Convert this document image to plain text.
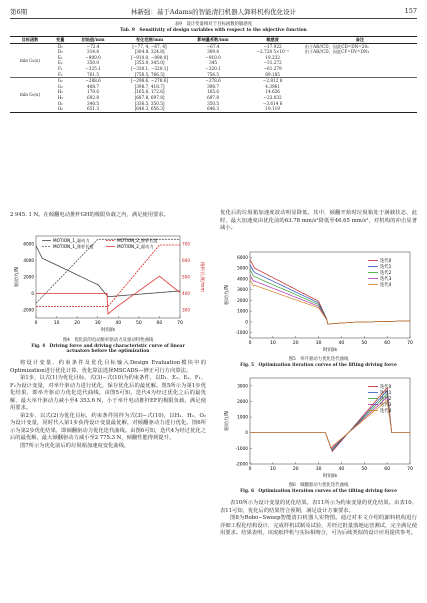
第6期	林新强：基于Adams的智能清扫机器人卸料机构优化设计	157
表9　设计变量相对于目标函数的敏感度
Tab. 9　Sensitivity of design variables with respect to the objective function
目标函数	变量	初始值/mm	变化范围/mm	影响量系数/mm	敏感度	备注
min G₁(x)	D₁	−72.4	[−77, 4, −67, 4]	−67.4	−17.922	由于AB//CD，因此CD=DN=20₁
	D₂	314.8	[304.8, 324.8]	309.8	−2.728 5×10⁻³	由于AB//CD，因此CF=DV=DN₁
	E₁	−900.0	[−910.0, −890.0]	−910.0	19.232	
	E₂	350.0	[355.0, 345.0]	345	−31.272	
	F₁	−325.1	[−330.1, −320.1]	−320.1	−61.279	
	F₂	761.5	[756.5, 766.5]	756.5	89.185	
min G₂(x)	G₁	−288.6	[−298.6, −278.6]	−278.6	−2.812 8	
	G₂	408.7	[398.7, 418.7]	398.7	4.3961	
	H₁	170.6	[165.6, 172.6]	165.6	14.626	
	H₂	692.8	[687.8, 697.8]	697.8	−23.032	
	O₁	340.5	[336.5, 350.5]	350.5	−3.614 6	
	O₂	651.3	[646.3, 656.3]	646.3	19.119	

2 945. 1 N。在倾翻电动推杆GH的极限负载之内，满足使用要求。

0	10	20	30	40	50	60	70
-2000
0
2000
4000
6000
300
400
500
600
700
驱动力/N	推杆长度/mm
时间/s
MOTION_1_驱动力	MOTION_2_推杆长度
MOTION_1_推杆长度	MOTION_2_驱动力
图4　优化前的电动推杆驱动力及驱动特性曲线
Fig. 4　Driving force and driving characteristic curve of linear
actuators before the optimization

将设计变量、约束条件及优化目标输入Design Evaluation模块中的Optimization进行优化计算，优化算法选择MSCADS—修正可行方向算法。

第1步，以式(1)为优化目标，式(3)−式(10)为约束条件，以D₁、E₁、E₂、F₁、F₂为设计变量，对举升驱动力进行优化，保存优化后的最优解。图5所示为第1步优化结果，即举升驱动力优化迭代曲线。由图5可知，迭代4为经过优化之后的最优解，最大举升驱动力减小至4 353.6 N，小于举升电动推杆EF的极限负载，满足使用要求。

第2步，以式(2)为优化目标，约束条件同样为式(3)−式(10)，以H₁、H₂、O₂为设计变量，同时代入第1步获得设计变量最优解，对倾翻驱动力进行优化。图6所示为第2步优化结果，即倾翻驱动力优化迭代曲线。由图6可知，迭代4为经过优化之后的最优解，最大倾翻驱动力减小至2 775.3 N，倾翻性能得到提升。

图7所示为优化前后的垃圾箱加速度变化曲线，

优化后的垃圾箱加速度波动明显降低。其中，倾翻开始时垃圾箱处于满载状态，此时，最大加速度由优化前的63.78 mm/s²降低至46.65 mm/s²，对机构的冲击显著减小。

0	10	20	30	40	50	60	70
-1000
0
1000
2000
3000
4000
5000
6000
驱动力/N
时间/s
迭代0
迭代1
迭代2
迭代3
迭代4
图5　举升驱动力优化迭代曲线
Fig. 5　Optimization iteration curves of the lifting driving force
0	10	20	30	40	50	60	70
-2000
-1000
0
1000
2000
3000
驱动力/N
时间/s
迭代0
迭代1
迭代2
迭代3
迭代4
图6　倾翻驱动力优化迭代曲线
Fig. 6　Optimization iteration curves of the tilting driving force

表10所示为设计变量的优化结果。表11所示为约束变量的优化结果。由表10、表11可知，优化后的结果符合预期，满足设计方案要求。

图8为Robo−Sweep智能清扫机器人实物图。通过对本文介绍的卸料机构进行详细工程化结构设计，完成样机试制及试验，并经过批量落地运营测试，完全满足使用要求。结果表明，该废纸样机与实际相吻合，可为后续类似的设计应用提供参考。
